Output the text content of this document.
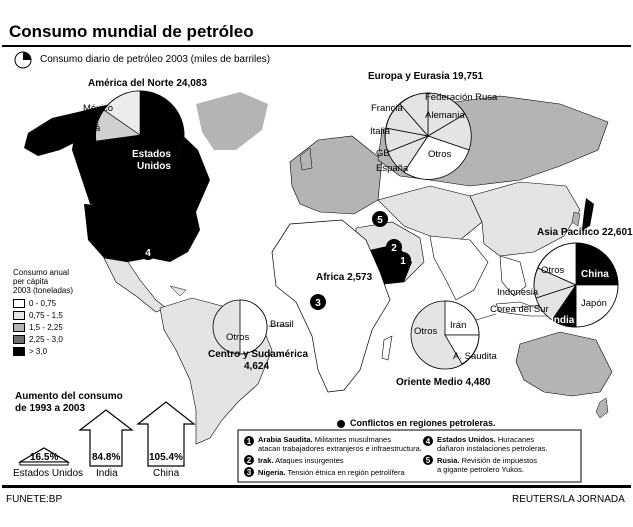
4
5
2
1
3
1
2
3
4
5
Consumo mundial de petróleo
Consumo diario de petróleo 2003 (miles de barriles)
América del Norte 24,083
México
Canadá
Estados
Unidos
Europa y Eurasia 19,751
Federación Rusa
Francia
Alemania
Italia
GB	Otros
España
Asia Pacífico 22,601
Otros China
Indonesia
Japón
Corea del Sur
India
Africa 2,573
Otros
Brasil
Centro y Sudamérica
4,624
Otros
Irán
A. Saudita
Oriente Medio 4,480
Consumo anual
per cápita
2003 (toneladas)
0 - 0,75
0,75 - 1,5
1,5 - 2,25
2,25 - 3,0
> 3,0
Aumento del consumo
de 1993 a 2003
16.5%	84.8%	105.4%
Estados Unidos India	China
Conflictos en regiones petroleras.
Arabia Saudita. Militantes musulmanes
atacan trabajadores extranjeros e infraestructura.
Irak. Ataques insurgentes
Nigeria. Tensión étnica en región petrolífera
Estados Unidos. Huracanes
dañaron instalaciones petroleras.
Rusia. Revisión de impuestos
a gigante petrolero Yukos.
FUNETE:BP	REUTERS/LA JORNADA
